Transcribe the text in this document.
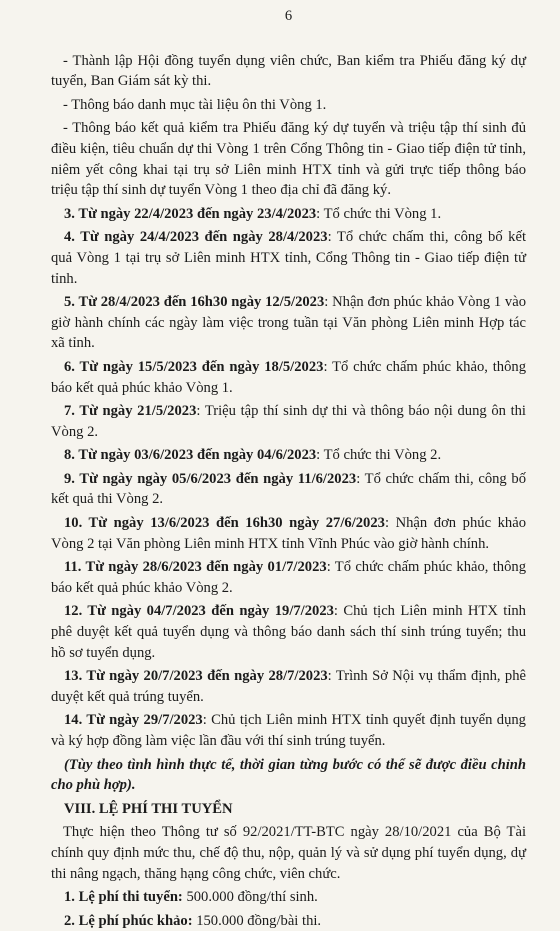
6

- Thành lập Hội đồng tuyển dụng viên chức, Ban kiểm tra Phiếu đăng ký dự tuyển, Ban Giám sát kỳ thi.

- Thông báo danh mục tài liệu ôn thi Vòng 1.

- Thông báo kết quả kiểm tra Phiếu đăng ký dự tuyển và triệu tập thí sinh đủ điều kiện, tiêu chuẩn dự thi Vòng 1 trên Cổng Thông tin - Giao tiếp điện tử tỉnh, niêm yết công khai tại trụ sở Liên minh HTX tỉnh và gửi trực tiếp thông báo triệu tập thí sinh dự tuyển Vòng 1 theo địa chỉ đã đăng ký.

3. Từ ngày 22/4/2023 đến ngày 23/4/2023: Tổ chức thi Vòng 1.

4. Từ ngày 24/4/2023 đến ngày 28/4/2023: Tổ chức chấm thi, công bố kết quả Vòng 1 tại trụ sở Liên minh HTX tỉnh, Cổng Thông tin - Giao tiếp điện tử tỉnh.

5. Từ 28/4/2023 đến 16h30 ngày 12/5/2023: Nhận đơn phúc khảo Vòng 1 vào giờ hành chính các ngày làm việc trong tuần tại Văn phòng Liên minh Hợp tác xã tỉnh.

6. Từ ngày 15/5/2023 đến ngày 18/5/2023: Tổ chức chấm phúc khảo, thông báo kết quả phúc khảo Vòng 1.

7. Từ ngày 21/5/2023: Triệu tập thí sinh dự thi và thông báo nội dung ôn thi Vòng 2.

8. Từ ngày 03/6/2023 đến ngày 04/6/2023: Tổ chức thi Vòng 2.

9. Từ ngày ngày 05/6/2023 đến ngày 11/6/2023: Tổ chức chấm thi, công bố kết quả thi Vòng 2.

10. Từ ngày 13/6/2023 đến 16h30 ngày 27/6/2023: Nhận đơn phúc khảo Vòng 2 tại Văn phòng Liên minh HTX tỉnh Vĩnh Phúc vào giờ hành chính.

11. Từ ngày 28/6/2023 đến ngày 01/7/2023: Tổ chức chấm phúc khảo, thông báo kết quả phúc khảo Vòng 2.

12. Từ ngày 04/7/2023 đến ngày 19/7/2023: Chủ tịch Liên minh HTX tỉnh phê duyệt kết quả tuyển dụng và thông báo danh sách thí sinh trúng tuyển; thu hồ sơ tuyển dụng.

13. Từ ngày 20/7/2023 đến ngày 28/7/2023: Trình Sở Nội vụ thẩm định, phê duyệt kết quả trúng tuyển.

14. Từ ngày 29/7/2023: Chủ tịch Liên minh HTX tỉnh quyết định tuyển dụng và ký hợp đồng làm việc lần đầu với thí sinh trúng tuyển.

(Tùy theo tình hình thực tế, thời gian từng bước có thể sẽ được điều chỉnh cho phù hợp).

VIII. LỆ PHÍ THI TUYỂN

Thực hiện theo Thông tư số 92/2021/TT-BTC ngày 28/10/2021 của Bộ Tài chính quy định mức thu, chế độ thu, nộp, quản lý và sử dụng phí tuyển dụng, dự thi nâng ngạch, thăng hạng công chức, viên chức.

1. Lệ phí thi tuyển: 500.000 đồng/thí sinh.

2. Lệ phí phúc khảo: 150.000 đồng/bài thi.
